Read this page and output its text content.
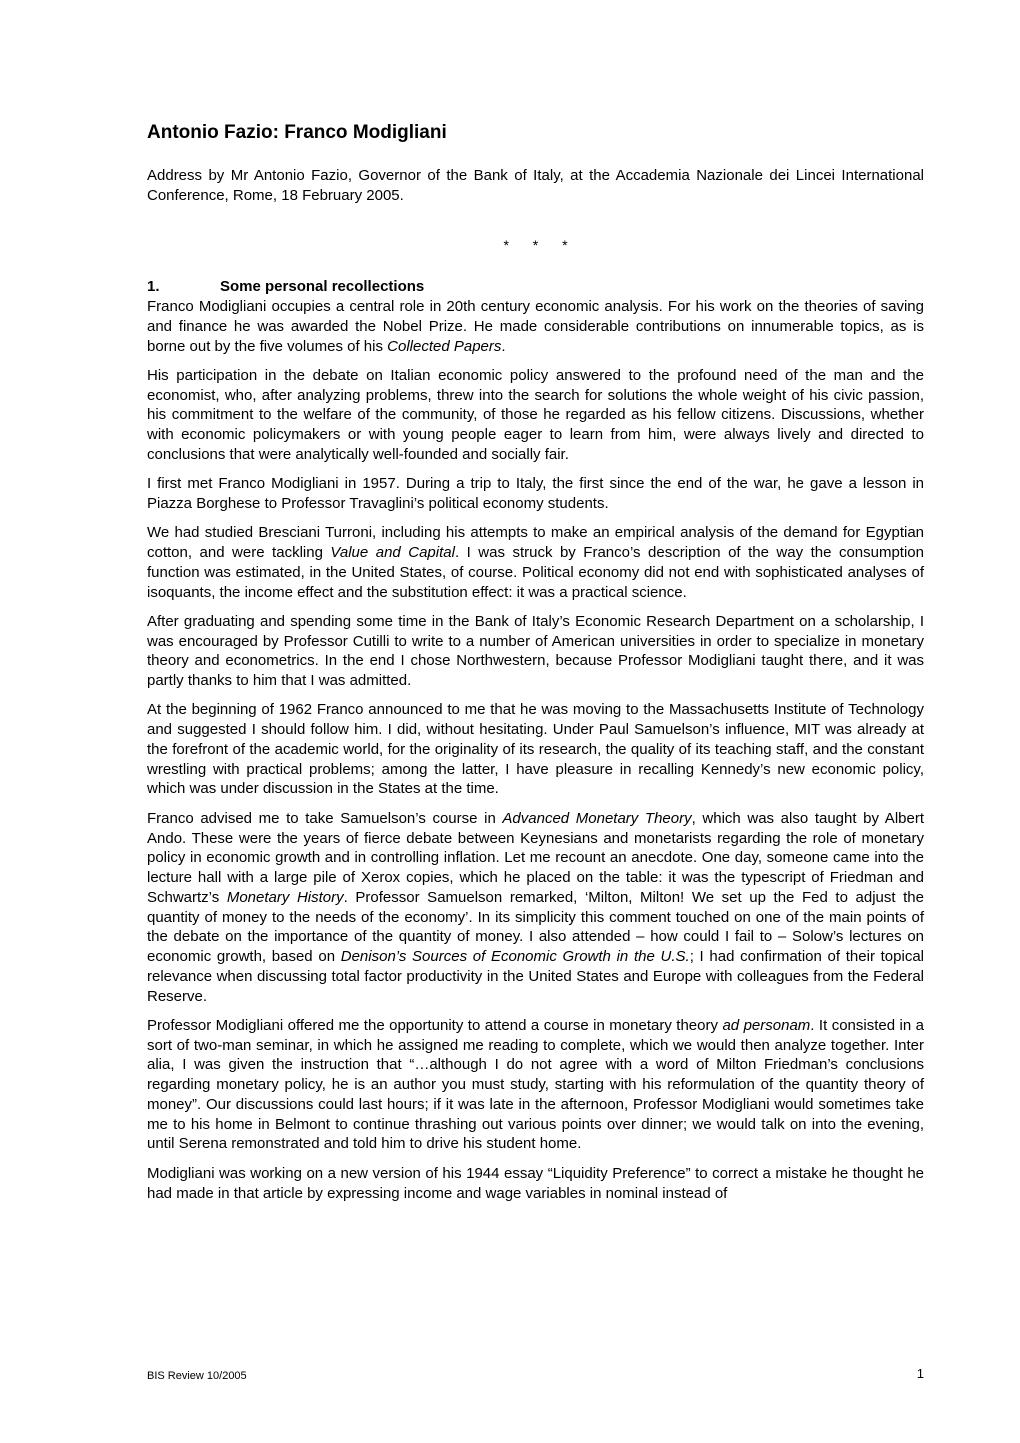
Antonio Fazio: Franco Modigliani

Address by Mr Antonio Fazio, Governor of the Bank of Italy, at the Accademia Nazionale dei Lincei International Conference, Rome, 18 February 2005.

* * *
1.	Some personal recollections

Franco Modigliani occupies a central role in 20th century economic analysis. For his work on the theories of saving and finance he was awarded the Nobel Prize. He made considerable contributions on innumerable topics, as is borne out by the five volumes of his Collected Papers.

His participation in the debate on Italian economic policy answered to the profound need of the man and the economist, who, after analyzing problems, threw into the search for solutions the whole weight of his civic passion, his commitment to the welfare of the community, of those he regarded as his fellow citizens. Discussions, whether with economic policymakers or with young people eager to learn from him, were always lively and directed to conclusions that were analytically well-founded and socially fair.

I first met Franco Modigliani in 1957. During a trip to Italy, the first since the end of the war, he gave a lesson in Piazza Borghese to Professor Travaglini’s political economy students.

We had studied Bresciani Turroni, including his attempts to make an empirical analysis of the demand for Egyptian cotton, and were tackling Value and Capital. I was struck by Franco’s description of the way the consumption function was estimated, in the United States, of course. Political economy did not end with sophisticated analyses of isoquants, the income effect and the substitution effect: it was a practical science.

After graduating and spending some time in the Bank of Italy’s Economic Research Department on a scholarship, I was encouraged by Professor Cutilli to write to a number of American universities in order to specialize in monetary theory and econometrics. In the end I chose Northwestern, because Professor Modigliani taught there, and it was partly thanks to him that I was admitted.

At the beginning of 1962 Franco announced to me that he was moving to the Massachusetts Institute of Technology and suggested I should follow him. I did, without hesitating. Under Paul Samuelson’s influence, MIT was already at the forefront of the academic world, for the originality of its research, the quality of its teaching staff, and the constant wrestling with practical problems; among the latter, I have pleasure in recalling Kennedy’s new economic policy, which was under discussion in the States at the time.

Franco advised me to take Samuelson’s course in Advanced Monetary Theory, which was also taught by Albert Ando. These were the years of fierce debate between Keynesians and monetarists regarding the role of monetary policy in economic growth and in controlling inflation. Let me recount an anecdote. One day, someone came into the lecture hall with a large pile of Xerox copies, which he placed on the table: it was the typescript of Friedman and Schwartz’s Monetary History. Professor Samuelson remarked, ‘Milton, Milton! We set up the Fed to adjust the quantity of money to the needs of the economy’. In its simplicity this comment touched on one of the main points of the debate on the importance of the quantity of money. I also attended – how could I fail to – Solow’s lectures on economic growth, based on Denison’s Sources of Economic Growth in the U.S.; I had confirmation of their topical relevance when discussing total factor productivity in the United States and Europe with colleagues from the Federal Reserve.

Professor Modigliani offered me the opportunity to attend a course in monetary theory ad personam. It consisted in a sort of two-man seminar, in which he assigned me reading to complete, which we would then analyze together. Inter alia, I was given the instruction that “…although I do not agree with a word of Milton Friedman’s conclusions regarding monetary policy, he is an author you must study, starting with his reformulation of the quantity theory of money”. Our discussions could last hours; if it was late in the afternoon, Professor Modigliani would sometimes take me to his home in Belmont to continue thrashing out various points over dinner; we would talk on into the evening, until Serena remonstrated and told him to drive his student home.

Modigliani was working on a new version of his 1944 essay “Liquidity Preference” to correct a mistake he thought he had made in that article by expressing income and wage variables in nominal instead of

BIS Review 10/2005	1
